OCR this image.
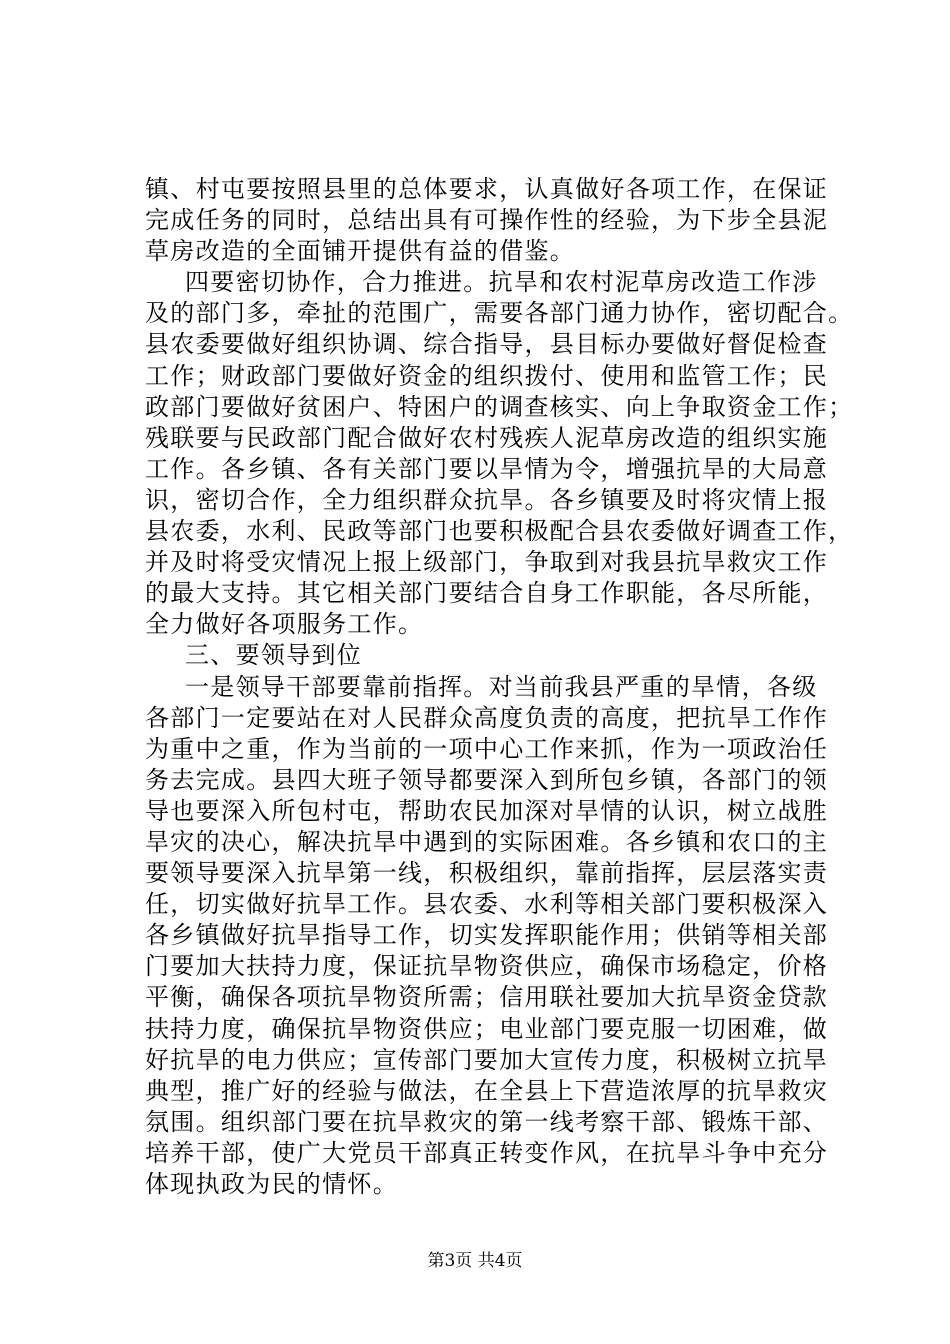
镇、村屯要按照县里的总体要求，认真做好各项工作，在保证
完成任务的同时，总结出具有可操作性的经验，为下步全县泥
草房改造的全面铺开提供有益的借鉴。
四要密切协作，合力推进。抗旱和农村泥草房改造工作涉
及的部门多，牵扯的范围广，需要各部门通力协作，密切配合。
县农委要做好组织协调、综合指导，县目标办要做好督促检查
工作；财政部门要做好资金的组织拨付、使用和监管工作；民
政部门要做好贫困户、特困户的调查核实、向上争取资金工作；
残联要与民政部门配合做好农村残疾人泥草房改造的组织实施
工作。各乡镇、各有关部门要以旱情为令，增强抗旱的大局意
识，密切合作，全力组织群众抗旱。各乡镇要及时将灾情上报
县农委，水利、民政等部门也要积极配合县农委做好调查工作，
并及时将受灾情况上报上级部门，争取到对我县抗旱救灾工作
的最大支持。其它相关部门要结合自身工作职能，各尽所能，
全力做好各项服务工作。
三、要领导到位
一是领导干部要靠前指挥。对当前我县严重的旱情，各级
各部门一定要站在对人民群众高度负责的高度，把抗旱工作作
为重中之重，作为当前的一项中心工作来抓，作为一项政治任
务去完成。县四大班子领导都要深入到所包乡镇，各部门的领
导也要深入所包村屯，帮助农民加深对旱情的认识，树立战胜
旱灾的决心，解决抗旱中遇到的实际困难。各乡镇和农口的主
要领导要深入抗旱第一线，积极组织，靠前指挥，层层落实责
任，切实做好抗旱工作。县农委、水利等相关部门要积极深入
各乡镇做好抗旱指导工作，切实发挥职能作用；供销等相关部
门要加大扶持力度，保证抗旱物资供应，确保市场稳定，价格
平衡，确保各项抗旱物资所需；信用联社要加大抗旱资金贷款
扶持力度，确保抗旱物资供应；电业部门要克服一切困难，做
好抗旱的电力供应；宣传部门要加大宣传力度，积极树立抗旱
典型，推广好的经验与做法，在全县上下营造浓厚的抗旱救灾
氛围。组织部门要在抗旱救灾的第一线考察干部、锻炼干部、
培养干部，使广大党员干部真正转变作风，在抗旱斗争中充分
体现执政为民的情怀。
第3页 共4页
